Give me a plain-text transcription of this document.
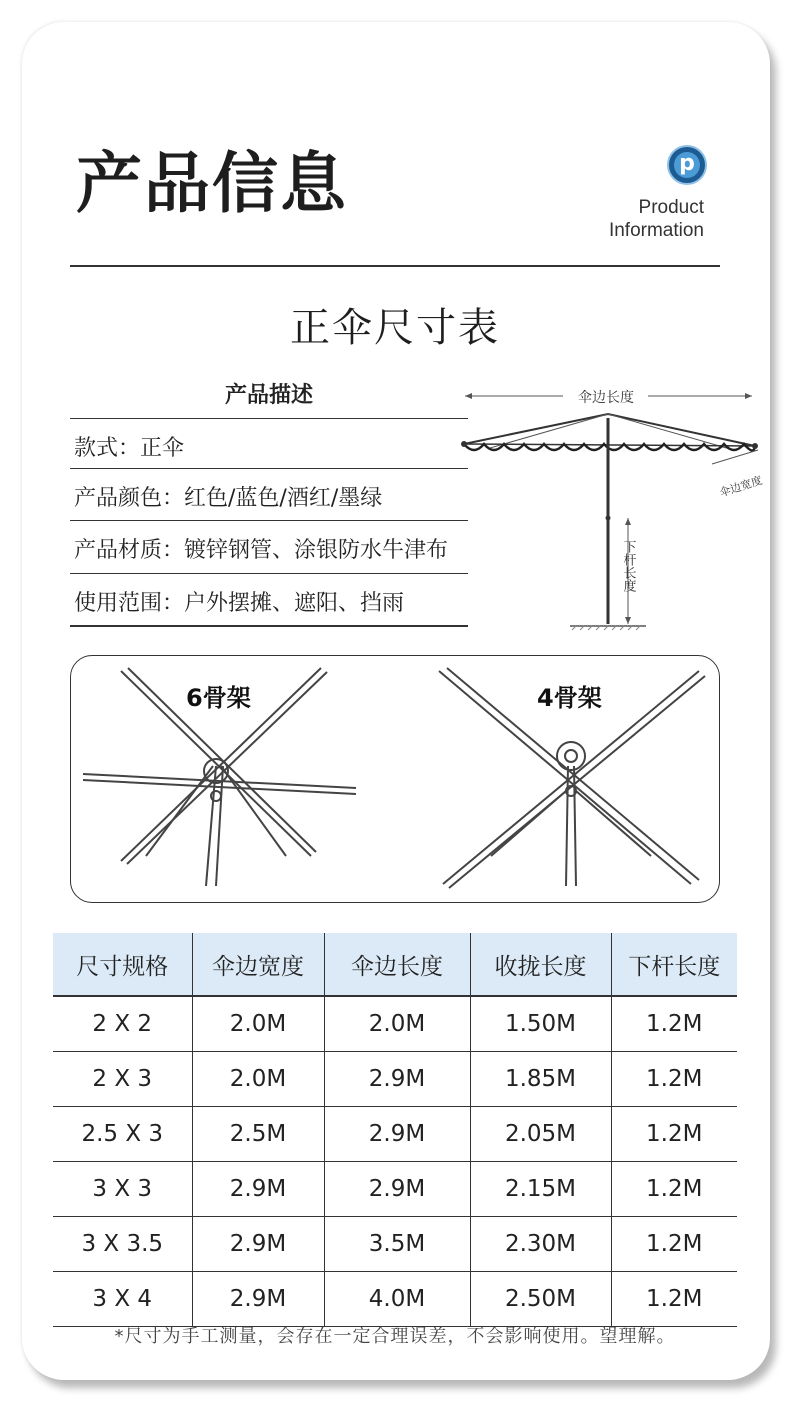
产品信息	p
Product
Information
正伞尺寸表
产品描述
款式：正伞
产品颜色：红色/蓝色/酒红/墨绿
产品材质：镀锌钢管、涂银防水牛津布
使用范围：户外摆摊、遮阳、挡雨
伞边长度
伞边宽度
下杆长度
6骨架	4骨架
尺寸规格	伞边宽度	伞边长度	收拢长度	下杆长度
2 X 2	2.0M	2.0M	1.50M	1.2M
2 X 3	2.0M	2.9M	1.85M	1.2M
2.5 X 3	2.5M	2.9M	2.05M	1.2M
3 X 3	2.9M	2.9M	2.15M	1.2M
3 X 3.5	2.9M	3.5M	2.30M	1.2M
3 X 4	2.9M	4.0M	2.50M	1.2M
*尺寸为手工测量，会存在一定合理误差，不会影响使用。望理解。
